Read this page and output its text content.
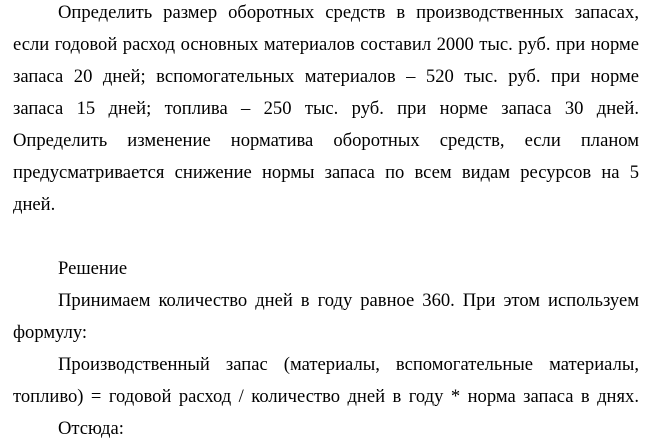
Определить размер оборотных средств в производственных запасах,
если годовой расход основных материалов составил 2000 тыс. руб. при норме
запаса 20 дней; вспомогательных материалов – 520 тыс. руб. при норме
запаса 15 дней; топлива – 250 тыс. руб. при норме запаса 30 дней.
Определить изменение норматива оборотных средств, если планом
предусматривается снижение нормы запаса по всем видам ресурсов на 5
дней.
Решение
Принимаем количество дней в году равное 360. При этом используем
формулу:
Производственный запас (материалы, вспомогательные материалы,
топливо) = годовой расход / количество дней в году * норма запаса в днях.
Отсюда:
